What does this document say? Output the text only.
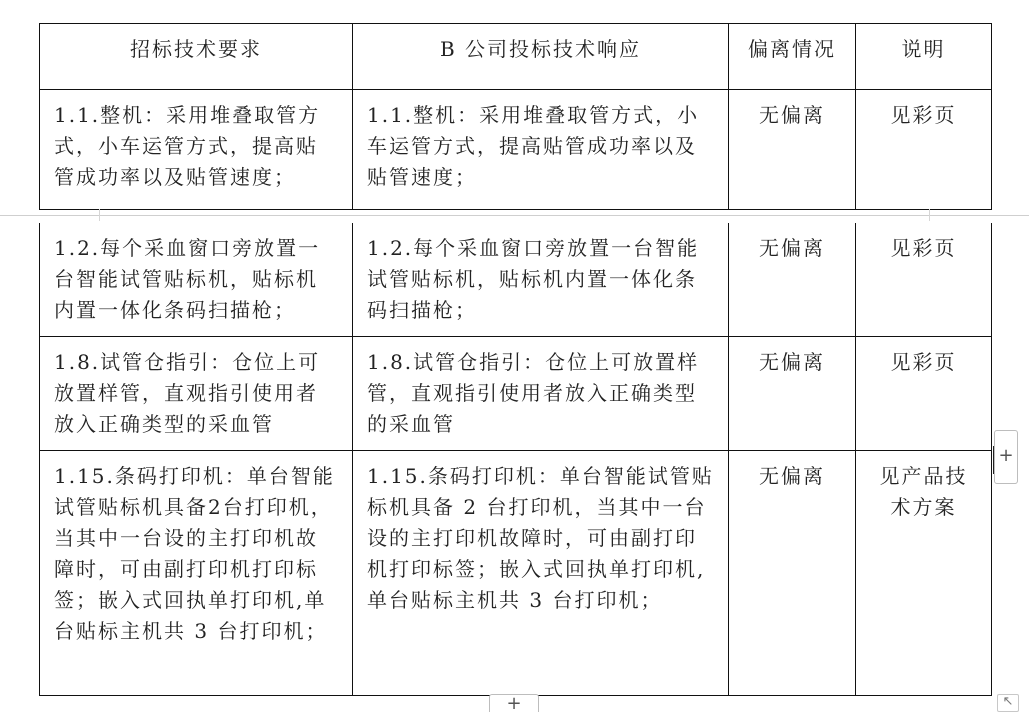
招标技术要求	B 公司投标技术响应	偏离情况	说明
1.1.整机：采用堆叠取管方式，小车运管方式，提高贴管成功率以及贴管速度；	1.1.整机：采用堆叠取管方式，小车运管方式，提高贴管成功率以及贴管速度；	无偏离	见彩页
1.2.每个采血窗口旁放置一台智能试管贴标机，贴标机内置一体化条码扫描枪；	1.2.每个采血窗口旁放置一台智能试管贴标机，贴标机内置一体化条码扫描枪；	无偏离	见彩页
1.8.试管仓指引：仓位上可放置样管，直观指引使用者放入正确类型的采血管	1.8.试管仓指引：仓位上可放置样管，直观指引使用者放入正确类型的采血管	无偏离	见彩页
1.15.条码打印机：单台智能试管贴标机具备2台打印机，当其中一台设的主打印机故障时，可由副打印机打印标签；嵌入式回执单打印机,单台贴标主机共 3 台打印机；	1.15.条码打印机：单台智能试管贴标机具备 2 台打印机，当其中一台设的主打印机故障时，可由副打印机打印标签；嵌入式回执单打印机,单台贴标主机共 3 台打印机；	无偏离	见产品技术方案
+
+	↖
